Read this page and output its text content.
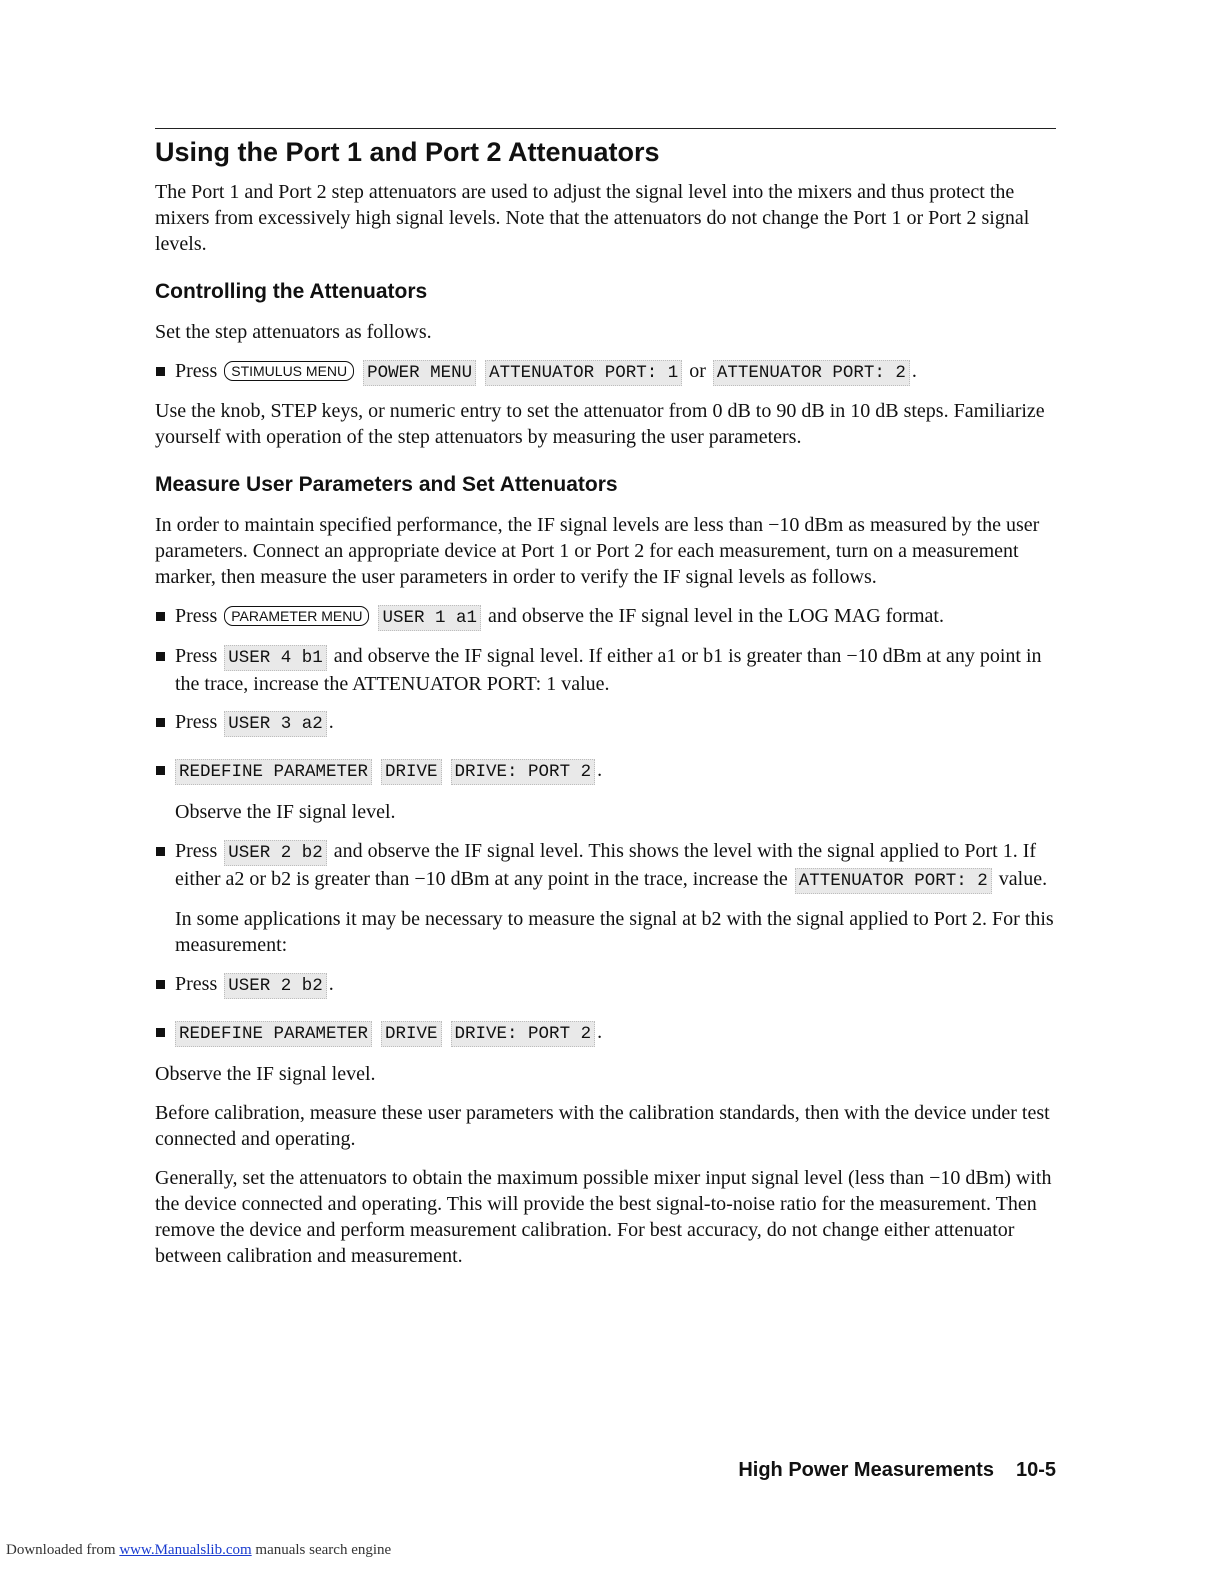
Using the Port 1 and Port 2 Attenuators

The Port 1 and Port 2 step attenuators are used to adjust the signal level into the mixers and thus protect the mixers from excessively high signal levels. Note that the attenuators do not change the Port 1 or Port 2 signal levels.

Controlling the Attenuators

Set the step attenuators as follows.

Press STIMULUS MENU POWER MENU ATTENUATOR PORT: 1 or ATTENUATOR PORT: 2 .

Use the knob, STEP keys, or numeric entry to set the attenuator from 0 dB to 90 dB in 10 dB steps. Familiarize yourself with operation of the step attenuators by measuring the user parameters.

Measure User Parameters and Set Attenuators

In order to maintain specified performance, the IF signal levels are less than −10 dBm as measured by the user parameters. Connect an appropriate device at Port 1 or Port 2 for each measurement, turn on a measurement marker, then measure the user parameters in order to verify the IF signal levels as follows.

Press PARAMETER MENU USER 1 a1 and observe the IF signal level in the LOG MAG format.
Press USER 4 b1 and observe the IF signal level. If either a1 or b1 is greater than −10 dBm at any point in the trace, increase the ATTENUATOR PORT: 1 value.
Press USER 3 a2 .
REDEFINE PARAMETER DRIVE DRIVE: PORT 2 .

Observe the IF signal level.

Press USER 2 b2 and observe the IF signal level. This shows the level with the signal applied to Port 1. If either a2 or b2 is greater than −10 dBm at any point in the trace, increase the ATTENUATOR PORT: 2 value.

In some applications it may be necessary to measure the signal at b2 with the signal applied to Port 2. For this measurement:

Press USER 2 b2 .
REDEFINE PARAMETER DRIVE DRIVE: PORT 2 .

Observe the IF signal level.

Before calibration, measure these user parameters with the calibration standards, then with the device under test connected and operating.

Generally, set the attenuators to obtain the maximum possible mixer input signal level (less than −10 dBm) with the device connected and operating. This will provide the best signal-to-noise ratio for the measurement. Then remove the device and perform measurement calibration. For best accuracy, do not change either attenuator between calibration and measurement.

High Power Measurements 10-5
Downloaded from www.Manualslib.com manuals search engine
